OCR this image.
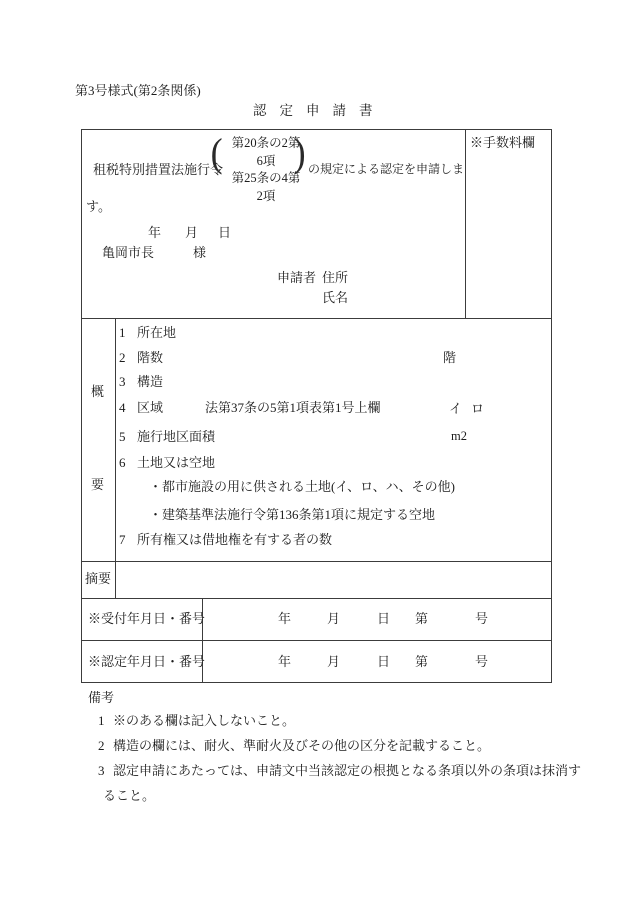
第3号様式(第2条関係)
認定申請書
租税特別措置法施行令
( 第20条の2第
6項
第25条の4第
2項
) の規定による認定を申請しま
す。
年 月 日
亀岡市長	様
申請者 住所
氏名
※手数料欄
概
要
1 所在地
2 階数	階
3 構造
4 区域	法第37条の5第1項表第1号上欄	イ ロ
5 施行地区面積	m2
6 土地又は空地
・都市施設の用に供される土地(イ、ロ、ハ、その他)
・建築基準法施行令第136条第1項に規定する空地
7 所有権又は借地権を有する者の数
摘要
※受付年月日・番号	年	月	日 第	号
※認定年月日・番号	年	月	日 第	号
備考
1 ※のある欄は記入しないこと。
2 構造の欄には、耐火、準耐火及びその他の区分を記載すること。
3 認定申請にあたっては、申請文中当該認定の根拠となる条項以外の条項は抹消す
ること。
